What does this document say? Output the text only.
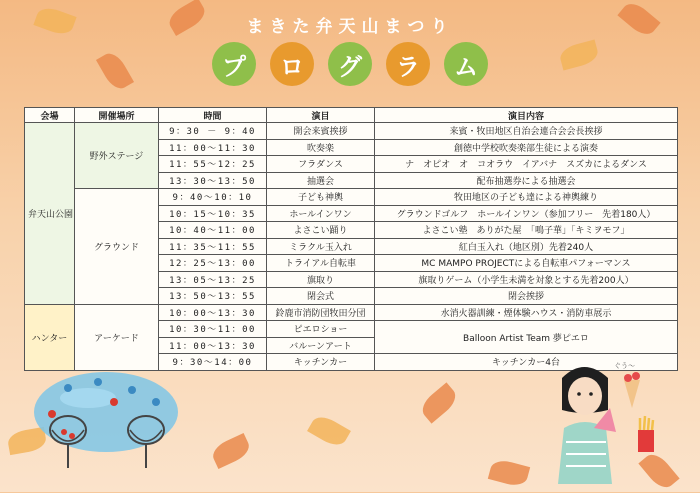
まきた弁天山まつり
プ	ロ	グ	ラ	ム
会場	開催場所	時間	演目	演目内容
弁天山公園	野外ステージ	9：30 － 9：40	開会来賓挨拶	来賓・牧田地区自治会連合会会長挨拶
		11：00～11：30	吹奏楽	創徳中学校吹奏楽部生徒による演奏
		11：55～12：25	フラダンス	ナ　オピオ　オ　コオラウ　イアバナ　スズカによるダンス
		13：30～13：50	抽選会	配布抽選券による抽選会
	グラウンド	9：40～10：10	子ども神輿	牧田地区の子ども達による神輿練り
		10：15～10：35	ホールインワン	グラウンドゴルフ　ホールインワン（参加フリー　先着180人）
		10：40～11：00	よさこい踊り	よさこい塾　ありがた屋　「鳴子華」「キミヲモフ」
		11：35～11：55	ミラクル玉入れ	紅白玉入れ（地区別）先着240人
		12：25～13：00	トライアル自転車	MC MAMPO PROJECTによる自転車パフォーマンス
		13：05～13：25	旗取り	旗取りゲーム（小学生未満を対象とする先着200人）
		13：50～13：55	閉会式	閉会挨拶
ハンター	アーケード	10：00～13：30	鈴鹿市消防団牧田分団	水消火器訓練・煙体験ハウス・消防車展示
		10：30～11：00	ピエロショー	Balloon Artist Team 夢ピエロ
		11：00～13：30	バルーンアート	
		9：30～14：00	キッチンカー	キッチンカー4台	ぐう〜
